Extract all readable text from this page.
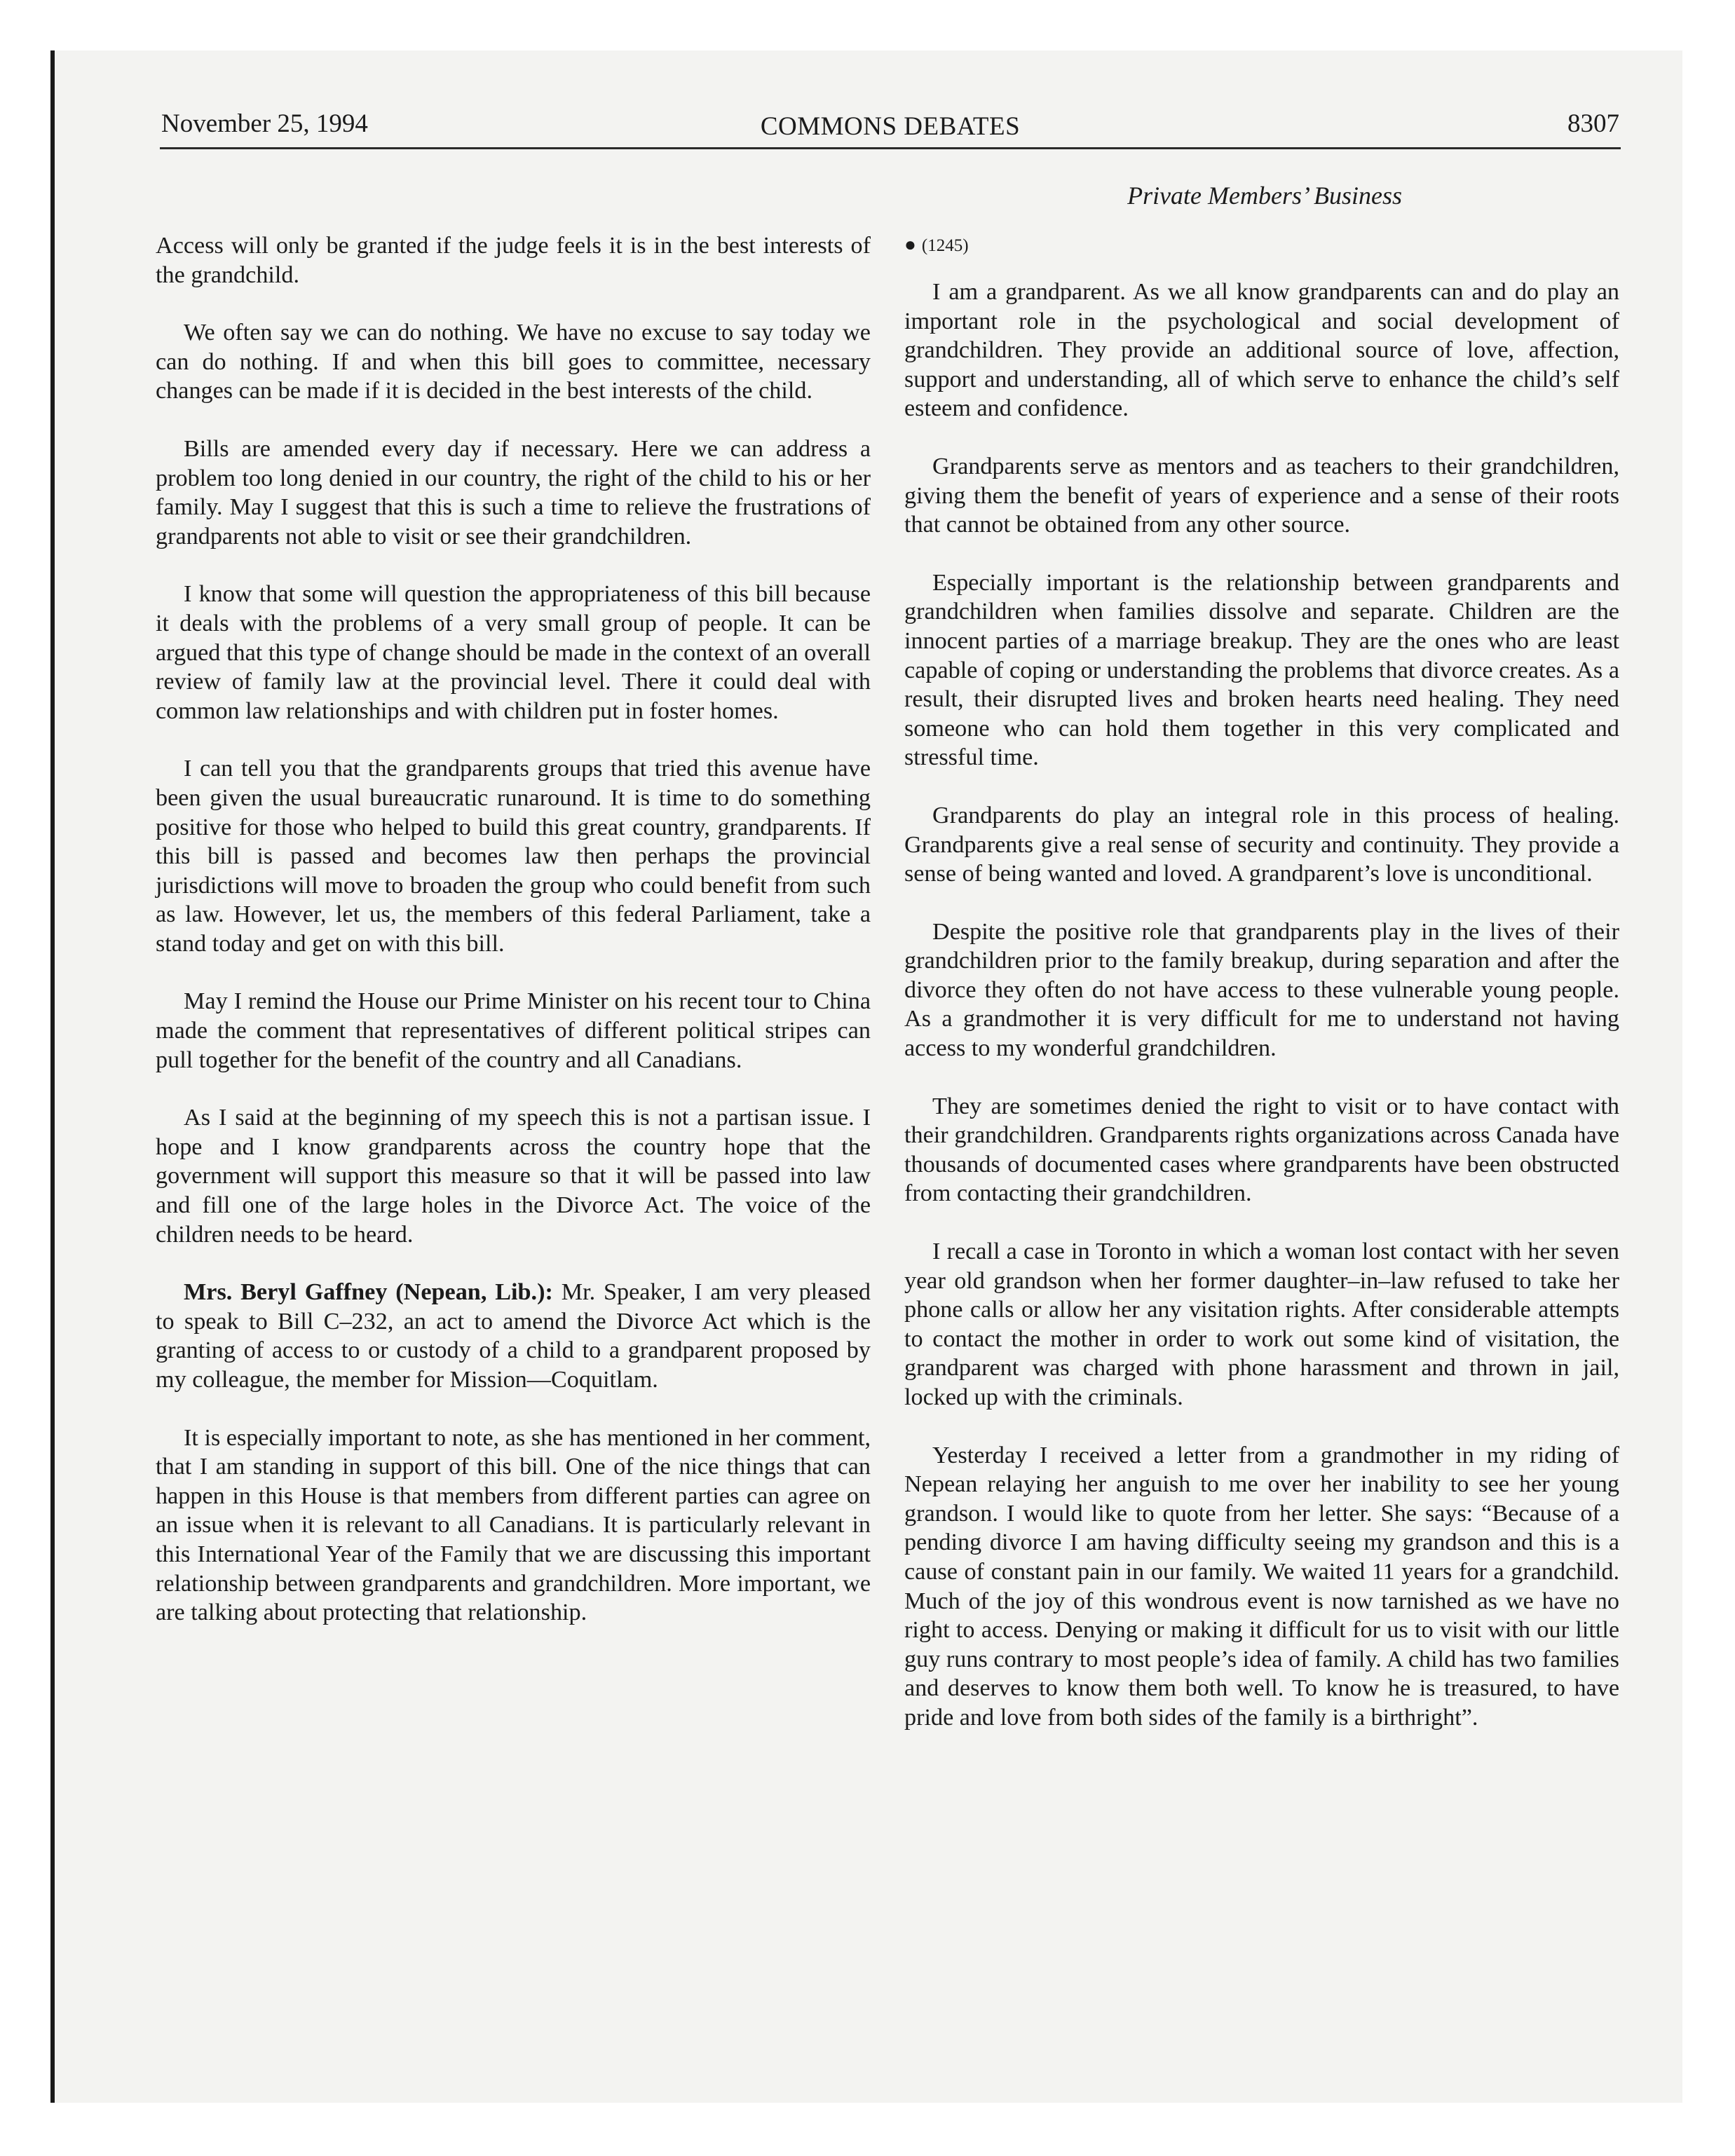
November 25, 1994	COMMONS DEBATES	8307
Private Members’ Business

Access will only be granted if the judge feels it is in the best interests of the grandchild.

We often say we can do nothing. We have no excuse to say today we can do nothing. If and when this bill goes to committee, necessary changes can be made if it is decided in the best interests of the child.

Bills are amended every day if necessary. Here we can address a problem too long denied in our country, the right of the child to his or her family. May I suggest that this is such a time to relieve the frustrations of grandparents not able to visit or see their grandchildren.

I know that some will question the appropriateness of this bill because it deals with the problems of a very small group of people. It can be argued that this type of change should be made in the context of an overall review of family law at the provincial level. There it could deal with common law relationships and with children put in foster homes.

I can tell you that the grandparents groups that tried this avenue have been given the usual bureaucratic runaround. It is time to do something positive for those who helped to build this great country, grandparents. If this bill is passed and becomes law then perhaps the provincial jurisdictions will move to broaden the group who could benefit from such as law. However, let us, the members of this federal Parliament, take a stand today and get on with this bill.

May I remind the House our Prime Minister on his recent tour to China made the comment that representatives of different political stripes can pull together for the benefit of the country and all Canadians.

As I said at the beginning of my speech this is not a partisan issue. I hope and I know grandparents across the country hope that the government will support this measure so that it will be passed into law and fill one of the large holes in the Divorce Act. The voice of the children needs to be heard.

Mrs. Beryl Gaffney (Nepean, Lib.): Mr. Speaker, I am very pleased to speak to Bill C–232, an act to amend the Divorce Act which is the granting of access to or custody of a child to a grandparent proposed by my colleague, the member for Mission—Coquitlam.

It is especially important to note, as she has mentioned in her comment, that I am standing in support of this bill. One of the nice things that can happen in this House is that members from different parties can agree on an issue when it is relevant to all Canadians. It is particularly relevant in this International Year of the Family that we are discussing this important relationship between grandparents and grandchildren. More important, we are talking about protecting that relationship.

● (1245)

I am a grandparent. As we all know grandparents can and do play an important role in the psychological and social development of grandchildren. They provide an additional source of love, affection, support and understanding, all of which serve to enhance the child’s self esteem and confidence.

Grandparents serve as mentors and as teachers to their grandchildren, giving them the benefit of years of experience and a sense of their roots that cannot be obtained from any other source.

Especially important is the relationship between grandparents and grandchildren when families dissolve and separate. Children are the innocent parties of a marriage breakup. They are the ones who are least capable of coping or understanding the problems that divorce creates. As a result, their disrupted lives and broken hearts need healing. They need someone who can hold them together in this very complicated and stressful time.

Grandparents do play an integral role in this process of healing. Grandparents give a real sense of security and continuity. They provide a sense of being wanted and loved. A grandparent’s love is unconditional.

Despite the positive role that grandparents play in the lives of their grandchildren prior to the family breakup, during separation and after the divorce they often do not have access to these vulnerable young people. As a grandmother it is very difficult for me to understand not having access to my wonderful grandchildren.

They are sometimes denied the right to visit or to have contact with their grandchildren. Grandparents rights organizations across Canada have thousands of documented cases where grandparents have been obstructed from contacting their grandchildren.

I recall a case in Toronto in which a woman lost contact with her seven year old grandson when her former daughter–in–law refused to take her phone calls or allow her any visitation rights. After considerable attempts to contact the mother in order to work out some kind of visitation, the grandparent was charged with phone harassment and thrown in jail, locked up with the criminals.

Yesterday I received a letter from a grandmother in my riding of Nepean relaying her anguish to me over her inability to see her young grandson. I would like to quote from her letter. She says: “Because of a pending divorce I am having difficulty seeing my grandson and this is a cause of constant pain in our family. We waited 11 years for a grandchild. Much of the joy of this wondrous event is now tarnished as we have no right to access. Denying or making it difficult for us to visit with our little guy runs contrary to most people’s idea of family. A child has two families and deserves to know them both well. To know he is treasured, to have pride and love from both sides of the family is a birthright”.
